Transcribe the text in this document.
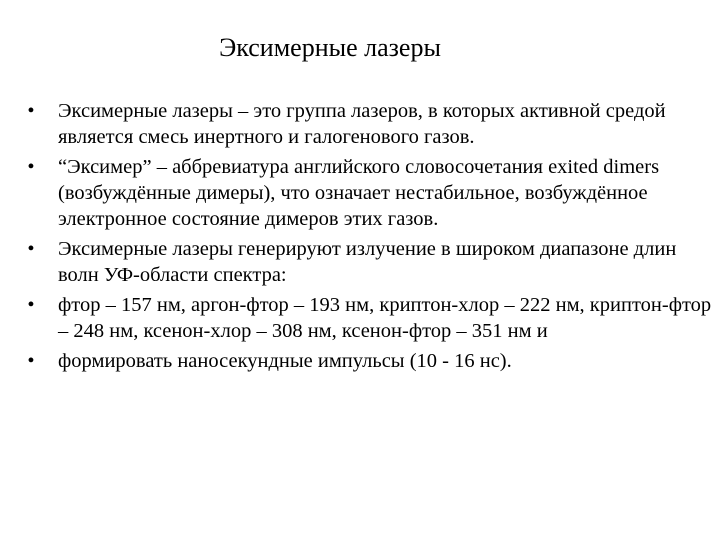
Эксимерные лазеры
• Эксимерные лазеры – это группа лазеров, в которых активной средой является смесь инертного и галогенового газов.
• “Эксимер” – аббревиатура английского словосочетания exited dimers (возбуждённые димеры), что означает нестабильное, возбуждённое электронное состояние димеров этих газов.
• Эксимерные лазеры генерируют излучение в широком диапазоне длин волн УФ-области спектра:
• фтор – 157 нм, аргон-фтор – 193 нм, криптон-хлор – 222 нм, криптон-фтор – 248 нм, ксенон-хлор – 308 нм, ксенон-фтор – 351 нм и
• формировать наносекундные импульсы (10 - 16 нс).
